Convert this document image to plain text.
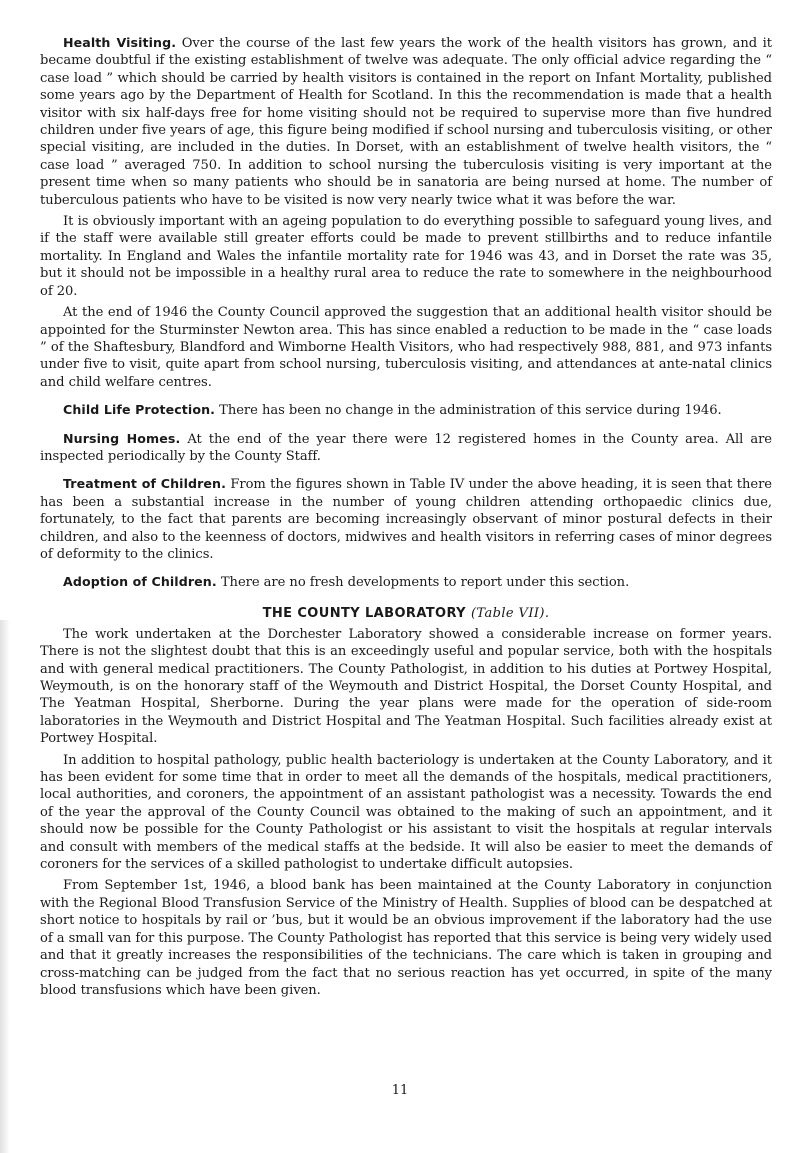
Health Visiting. Over the course of the last few years the work of the health visitors has grown, and it became doubtful if the existing establishment of twelve was adequate. The only official advice regarding the “ case load ” which should be carried by health visitors is contained in the report on Infant Mortality, published some years ago by the Department of Health for Scotland. In this the recommendation is made that a health visitor with six half-days free for home visiting should not be required to supervise more than five hundred children under five years of age, this figure being modified if school nursing and tuberculosis visiting, or other special visiting, are included in the duties. In Dorset, with an establishment of twelve health visitors, the “ case load ” averaged 750. In addition to school nursing the tuberculosis visiting is very important at the present time when so many patients who should be in sanatoria are being nursed at home. The number of tuberculous patients who have to be visited is now very nearly twice what it was before the war.

It is obviously important with an ageing population to do everything possible to safeguard young lives, and if the staff were available still greater efforts could be made to prevent stillbirths and to reduce infantile mortality. In England and Wales the infantile mortality rate for 1946 was 43, and in Dorset the rate was 35, but it should not be impossible in a healthy rural area to reduce the rate to somewhere in the neighbourhood of 20.

At the end of 1946 the County Council approved the suggestion that an additional health visitor should be appointed for the Sturminster Newton area. This has since enabled a reduction to be made in the “ case loads ” of the Shaftesbury, Blandford and Wimborne Health Visitors, who had respectively 988, 881, and 973 infants under five to visit, quite apart from school nursing, tuberculosis visiting, and attendances at ante-natal clinics and child welfare centres.

Child Life Protection. There has been no change in the administration of this service during 1946.

Nursing Homes. At the end of the year there were 12 registered homes in the County area. All are inspected periodically by the County Staff.

Treatment of Children. From the figures shown in Table IV under the above heading, it is seen that there has been a substantial increase in the number of young children attending orthopaedic clinics due, fortunately, to the fact that parents are becoming increasingly observant of minor postural defects in their children, and also to the keenness of doctors, midwives and health visitors in referring cases of minor degrees of deformity to the clinics.

Adoption of Children. There are no fresh developments to report under this section.

THE COUNTY LABORATORY (Table VII).

The work undertaken at the Dorchester Laboratory showed a considerable increase on former years. There is not the slightest doubt that this is an exceedingly useful and popular service, both with the hospitals and with general medical practitioners. The County Pathologist, in addition to his duties at Portwey Hospital, Weymouth, is on the honorary staff of the Weymouth and District Hospital, the Dorset County Hospital, and The Yeatman Hospital, Sherborne. During the year plans were made for the operation of side-room laboratories in the Weymouth and District Hospital and The Yeatman Hospital. Such facilities already exist at Portwey Hospital.

In addition to hospital pathology, public health bacteriology is undertaken at the County Laboratory, and it has been evident for some time that in order to meet all the demands of the hospitals, medical practitioners, local authorities, and coroners, the appointment of an assistant pathologist was a necessity. Towards the end of the year the approval of the County Council was obtained to the making of such an appointment, and it should now be possible for the County Pathologist or his assistant to visit the hospitals at regular intervals and consult with members of the medical staffs at the bedside. It will also be easier to meet the demands of coroners for the services of a skilled pathologist to undertake difficult autopsies.

From September 1st, 1946, a blood bank has been maintained at the County Laboratory in conjunction with the Regional Blood Transfusion Service of the Ministry of Health. Supplies of blood can be despatched at short notice to hospitals by rail or ’bus, but it would be an obvious improvement if the laboratory had the use of a small van for this purpose. The County Pathologist has reported that this service is being very widely used and that it greatly increases the responsibilities of the technicians. The care which is taken in grouping and cross-matching can be judged from the fact that no serious reaction has yet occurred, in spite of the many blood transfusions which have been given.

11
